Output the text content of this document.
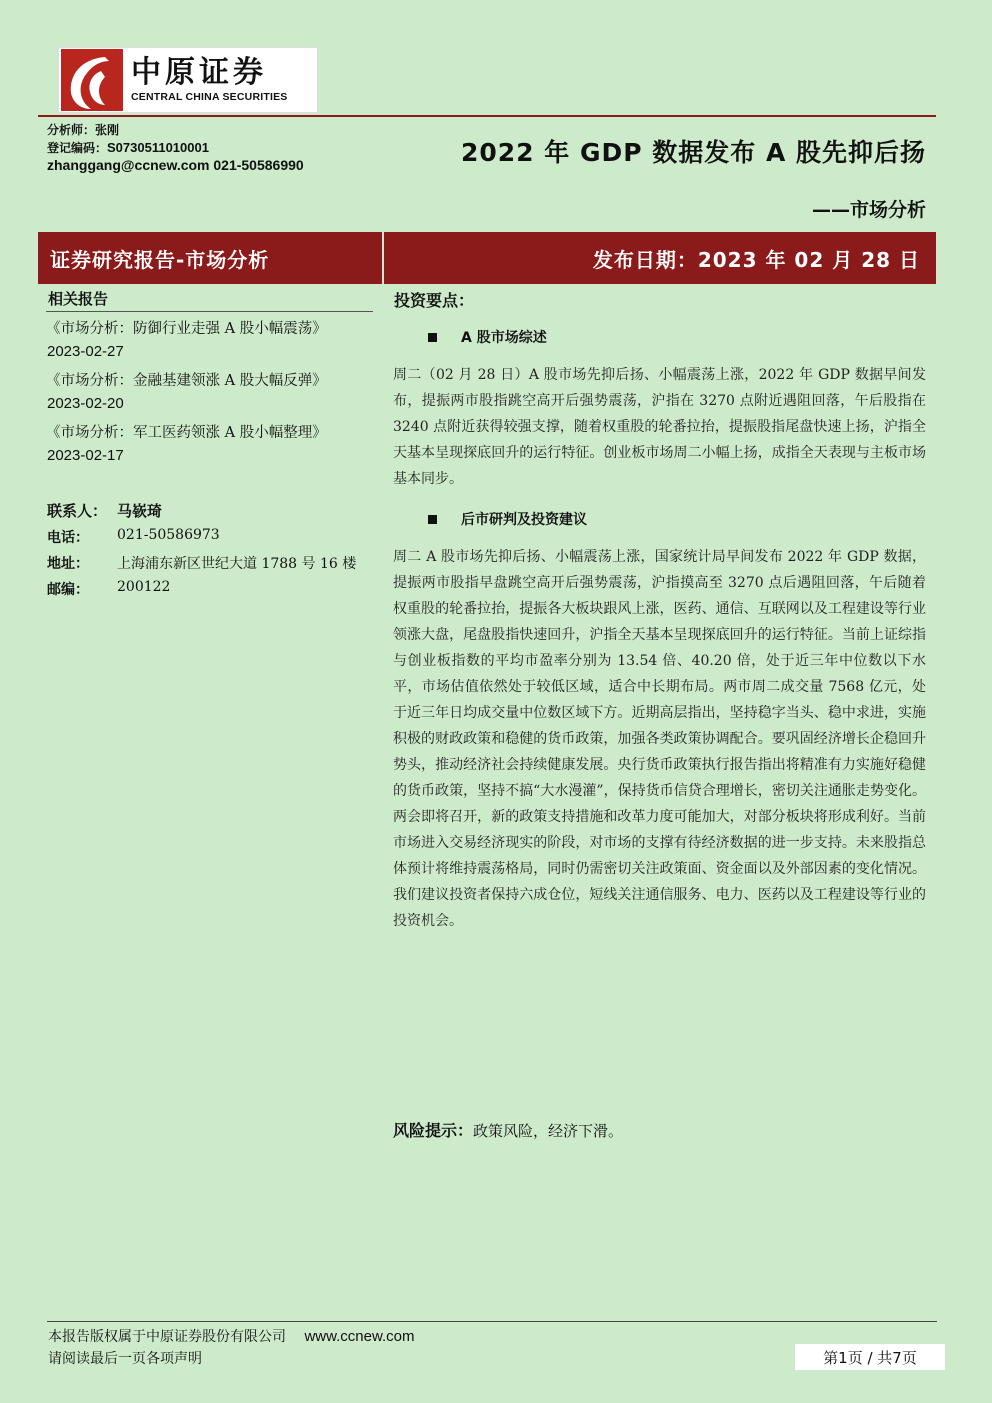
中原证券
CENTRAL CHINA SECURITIES
分析师：张刚
登记编码：S0730511010001
zhanggang@ccnew.com 021-50586990	2022 年 GDP 数据发布 A 股先抑后扬
——市场分析
证券研究报告-市场分析	发布日期：2023 年 02 月 28 日
相关报告
《市场分析：防御行业走强 A 股小幅震荡》
2023-02-27
《市场分析：金融基建领涨 A 股大幅反弹》
2023-02-20
《市场分析：军工医药领涨 A 股小幅整理》
2023-02-17
联系人： 马嵚琦
电话：	021-50586973
地址：	上海浦东新区世纪大道 1788 号 16 楼
邮编：	200122
投资要点：
A 股市场综述

周二（02 月 28 日）A 股市场先抑后扬、小幅震荡上涨，2022 年 GDP 数据早间发布，提振两市股指跳空高开后强势震荡，沪指在 3270 点附近遇阻回落，午后股指在 3240 点附近获得较强支撑，随着权重股的轮番拉抬，提振股指尾盘快速上扬，沪指全天基本呈现探底回升的运行特征。创业板市场周二小幅上扬，成指全天表现与主板市场基本同步。

后市研判及投资建议

周二 A 股市场先抑后扬、小幅震荡上涨，国家统计局早间发布 2022 年 GDP 数据，提振两市股指早盘跳空高开后强势震荡，沪指摸高至 3270 点后遇阻回落，午后随着权重股的轮番拉抬，提振各大板块跟风上涨，医药、通信、互联网以及工程建设等行业领涨大盘，尾盘股指快速回升，沪指全天基本呈现探底回升的运行特征。当前上证综指与创业板指数的平均市盈率分别为 13.54 倍、40.20 倍，处于近三年中位数以下水平，市场估值依然处于较低区域，适合中长期布局。两市周二成交量 7568 亿元，处于近三年日均成交量中位数区域下方。近期高层指出，坚持稳字当头、稳中求进，实施积极的财政政策和稳健的货币政策，加强各类政策协调配合。要巩固经济增长企稳回升势头，推动经济社会持续健康发展。央行货币政策执行报告指出将精准有力实施好稳健的货币政策，坚持不搞“大水漫灌”，保持货币信贷合理增长，密切关注通胀走势变化。两会即将召开，新的政策支持措施和改革力度可能加大，对部分板块将形成利好。当前市场进入交易经济现实的阶段，对市场的支撑有待经济数据的进一步支持。未来股指总体预计将维持震荡格局，同时仍需密切关注政策面、资金面以及外部因素的变化情况。我们建议投资者保持六成仓位，短线关注通信服务、电力、医药以及工程建设等行业的投资机会。

风险提示：政策风险，经济下滑。
本报告版权属于中原证券股份有限公司 www.ccnew.com
请阅读最后一页各项声明	第1页 / 共7页
